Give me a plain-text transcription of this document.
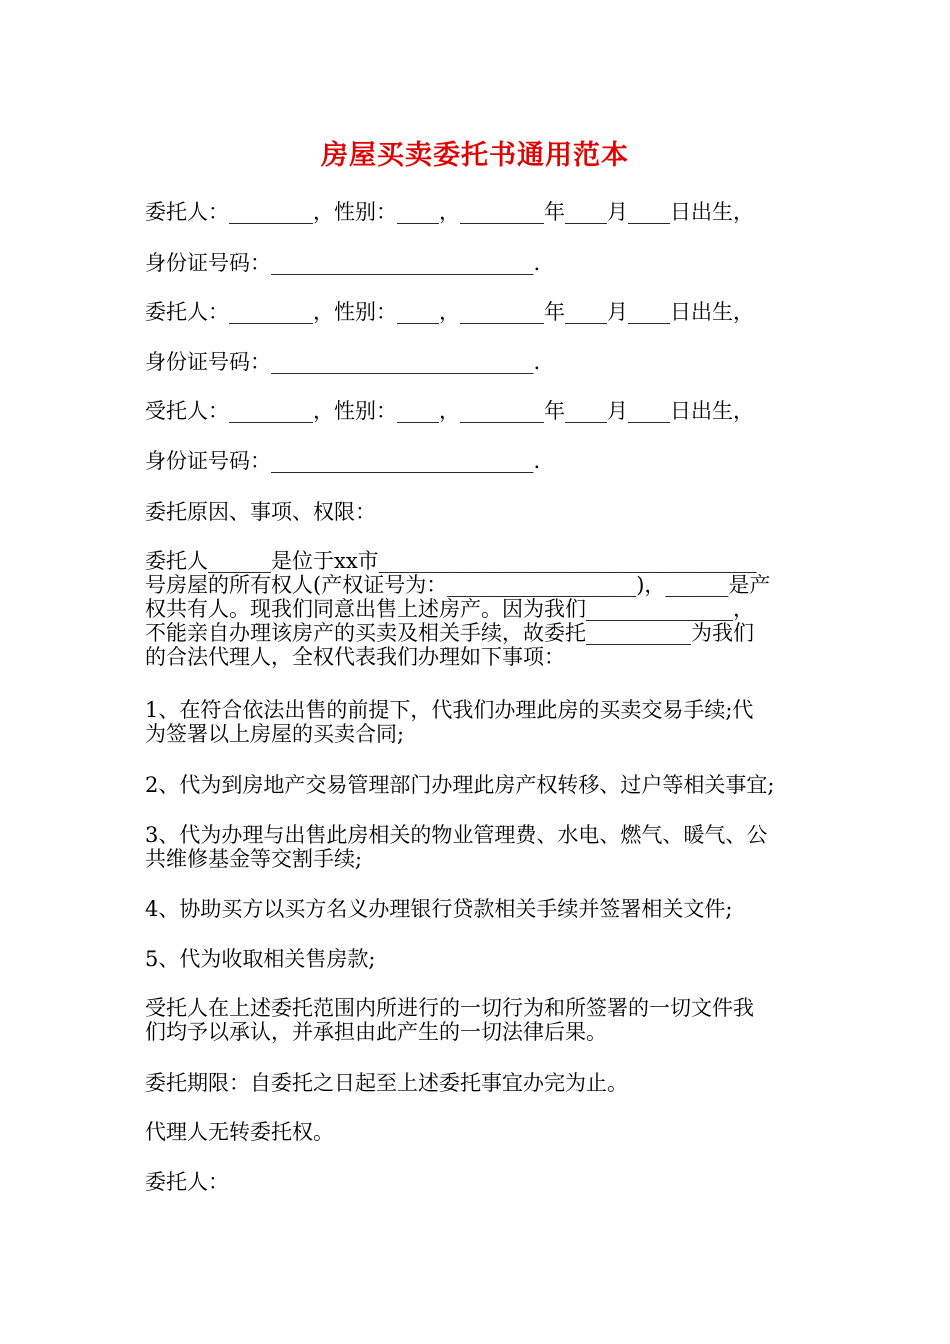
房屋买卖委托书通用范本
委托人：________，性别：____，________年____月____日出生，
身份证号码：_________________________.
委托人：________，性别：____，________年____月____日出生，
身份证号码：_________________________.
受托人：________，性别：____，________年____月____日出生，
身份证号码：_________________________.
委托原因、事项、权限：
委托人______是位于xx市____________________________________
号房屋的所有权人(产权证号为：__________________)，______是产
权共有人。现我们同意出售上述房产。因为我们______________，
不能亲自办理该房产的买卖及相关手续，故委托__________为我们
的合法代理人，全权代表我们办理如下事项：
1、在符合依法出售的前提下，代我们办理此房的买卖交易手续;代
为签署以上房屋的买卖合同;
2、代为到房地产交易管理部门办理此房产权转移、过户等相关事宜;
3、代为办理与出售此房相关的物业管理费、水电、燃气、暖气、公
共维修基金等交割手续;
4、协助买方以买方名义办理银行贷款相关手续并签署相关文件;
5、代为收取相关售房款;
受托人在上述委托范围内所进行的一切行为和所签署的一切文件我
们均予以承认，并承担由此产生的一切法律后果。
委托期限：自委托之日起至上述委托事宜办完为止。
代理人无转委托权。
委托人：
